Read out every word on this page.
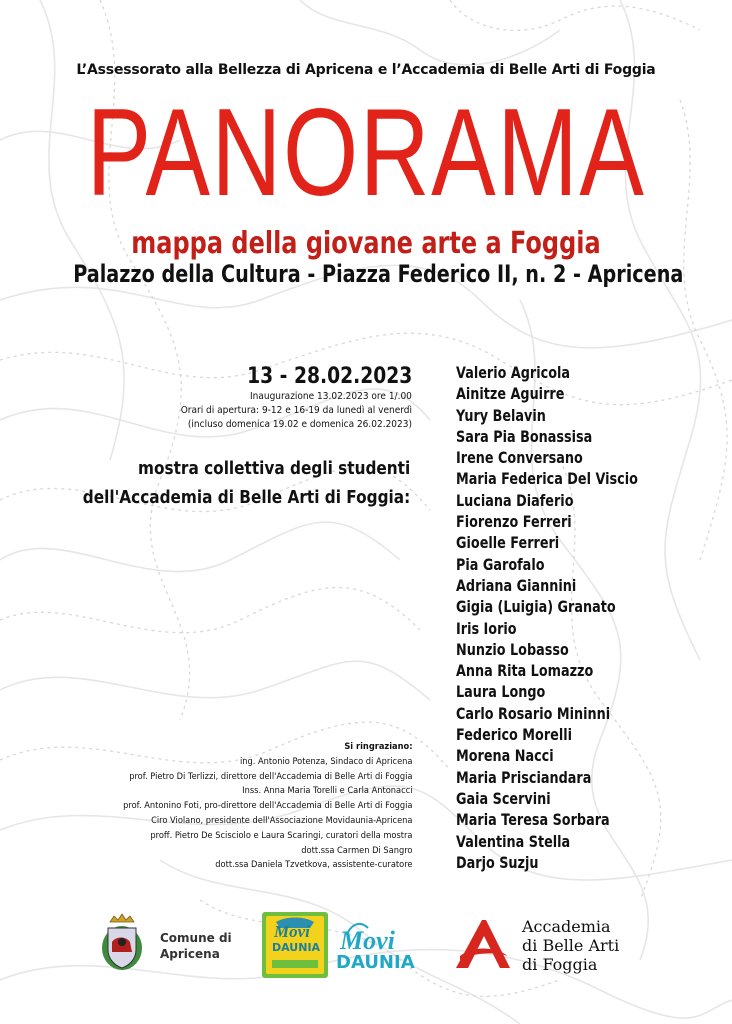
L’Assessorato alla Bellezza di Apricena e l’Accademia di Belle Arti di Foggia
PANORAMA
mappa della giovane arte a Foggia
Palazzo della Cultura - Piazza Federico II, n. 2 - Apricena
13 - 28.02.2023
Inaugurazione 13.02.2023 ore 1/.00
Orari di apertura: 9-12 e 16-19 da lunedì al venerdì
(incluso domenica 19.02 e domenica 26.02.2023)
mostra collettiva degli studenti
dell'Accademia di Belle Arti di Foggia:
Valerio Agricola
Ainitze Aguirre
Yury Belavin
Sara Pia Bonassisa
Irene Conversano
Maria Federica Del Viscio
Luciana Diaferio
Fiorenzo Ferreri
Gioelle Ferreri
Pia Garofalo
Adriana Giannini
Gigia (Luigia) Granato
Iris Iorio
Nunzio Lobasso
Anna Rita Lomazzo
Laura Longo
Carlo Rosario Mininni
Federico Morelli
Morena Nacci
Maria Prisciandara
Gaia Scervini
Maria Teresa Sorbara
Valentina Stella
Darjo Suzju
Si ringraziano:
ing. Antonio Potenza, Sindaco di Apricena
prof. Pietro Di Terlizzi, direttore dell'Accademia di Belle Arti di Foggia
Inss. Anna Maria Torelli e Carla Antonacci
prof. Antonino Foti, pro-direttore dell'Accademia di Belle Arti di Foggia
Ciro Violano, presidente dell'Associazione Movidaunia-Apricena
proff. Pietro De Scisciolo e Laura Scaringi, curatori della mostra
dott.ssa Carmen Di Sangro
dott.ssa Daniela Tzvetkova, assistente-curatore
Comune di
Apricena
Movi
DAUNIA Movi
DAUNIA
Accademia
di Belle Arti
di Foggia
